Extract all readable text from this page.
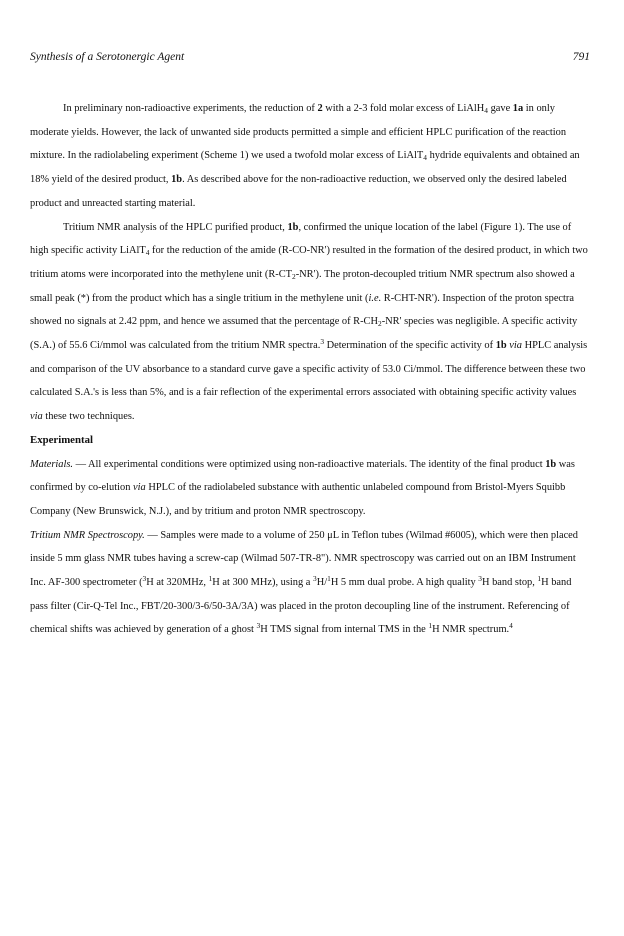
Synthesis of a Serotonergic Agent	791

In preliminary non-radioactive experiments, the reduction of 2 with a 2-3 fold molar excess of LiAlH$_4$ gave 1a in only moderate yields. However, the lack of unwanted side products permitted a simple and efficient HPLC purification of the reaction mixture. In the radiolabeling experiment (Scheme 1) we used a twofold molar excess of LiAlT$_4$ hydride equivalents and obtained an 18% yield of the desired product, 1b. As described above for the non-radioactive reduction, we observed only the desired labeled product and unreacted starting material.

Tritium NMR analysis of the HPLC purified product, 1b, confirmed the unique location of the label (Figure 1). The use of high specific activity LiAlT$_4$ for the reduction of the amide (R-CO-NR') resulted in the formation of the desired product, in which two tritium atoms were incorporated into the methylene unit $(R-CT_2-NR')$. The proton-decoupled tritium NMR spectrum also showed a small peak (*) from the product which has a single tritium in the methylene unit (i.e. R-CHT-NR'). Inspection of the proton spectra showed no signals at 2.42 ppm, and hence we assumed that the percentage of $R-CH_2-NR'$ species was negligible. A specific activity (S.A.) of 55.6 Ci/mmol was calculated from the tritium NMR spectra.$^3$ Determination of the specific activity of 1b via HPLC analysis and comparison of the UV absorbance to a standard curve gave a specific activity of 53.0 Ci/mmol. The difference between these two calculated S.A.'s is less than 5%, and is a fair reflection of the experimental errors associated with obtaining specific activity values via these two techniques.

Experimental

Materials. — All experimental conditions were optimized using non-radioactive materials. The identity of the final product 1b was confirmed by co-elution via HPLC of the radiolabeled substance with authentic unlabeled compound from Bristol-Myers Squibb Company (New Brunswick, N.J.), and by tritium and proton NMR spectroscopy.

Tritium NMR Spectroscopy. — Samples were made to a volume of 250 μL in Teflon tubes (Wilmad #6005), which were then placed inside 5 mm glass NMR tubes having a screw-cap (Wilmad 507-TR-8"). NMR spectroscopy was carried out on an IBM Instrument Inc. AF-300 spectrometer ($^3$H at 320MHz, $^1$H at 300 MHz), using a $^3$H/$^1$H 5 mm dual probe. A high quality $^3$H band stop, $^1$H band pass filter (Cir-Q-Tel Inc., FBT/20-300/3-6/50-3A/3A) was placed in the proton decoupling line of the instrument. Referencing of chemical shifts was achieved by generation of a ghost $^3$H TMS signal from internal TMS in the $^1$H NMR spectrum.$^4$
